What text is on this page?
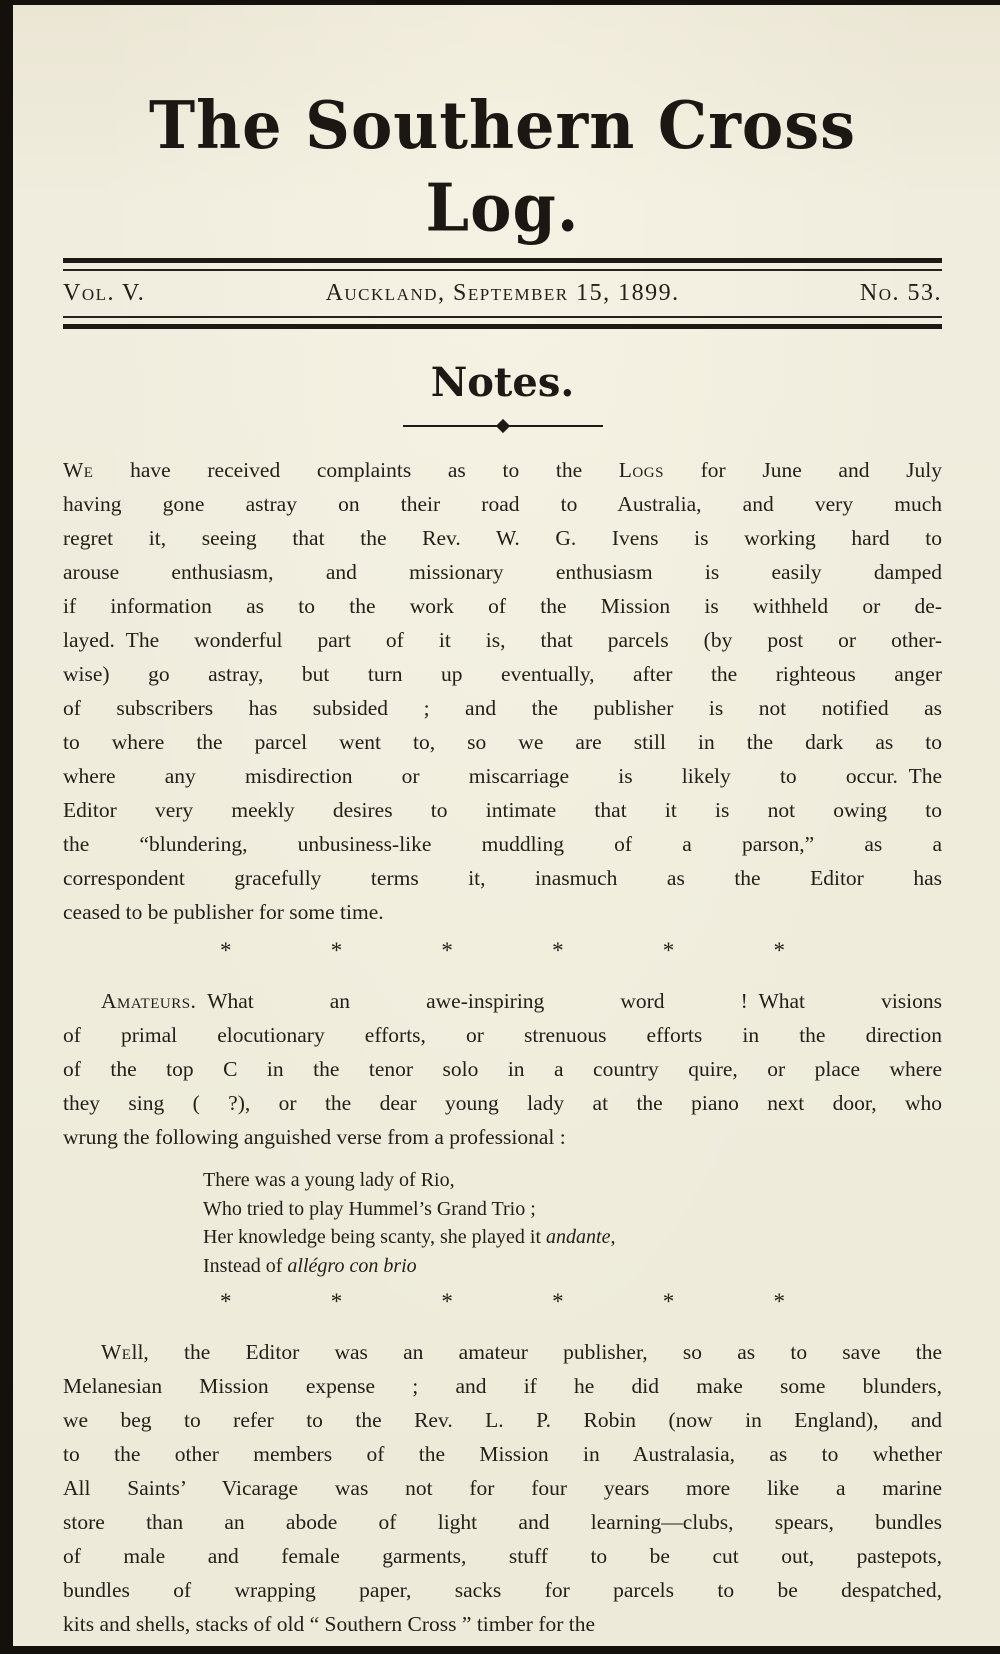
The Southern Cross Log.
Vol. V.	Auckland, September 15, 1899.	No. 53.
Notes.
We have received complaints as to the Logs for June and July
having gone astray on their road to Australia, and very much
regret it, seeing that the Rev. W. G. Ivens is working hard to
arouse enthusiasm, and missionary enthusiasm is easily damped
if information as to the work of the Mission is withheld or de-
layed. The wonderful part of it is, that parcels (by post or other-
wise) go astray, but turn up eventually, after the righteous anger
of subscribers has subsided ; and the publisher is not notified as
to where the parcel went to, so we are still in the dark as to
where any misdirection or miscarriage is likely to occur. The
Editor very meekly desires to intimate that it is not owing to
the “blundering, unbusiness-like muddling of a parson,” as a
correspondent gracefully terms it, inasmuch as the Editor has
ceased to be publisher for some time.
*	*	*	*	*	*
Amateurs. What an awe-inspiring word ! What visions
of primal elocutionary efforts, or strenuous efforts in the direction
of the top C in the tenor solo in a country quire, or place where
they sing ( ?), or the dear young lady at the piano next door, who
wrung the following anguished verse from a professional :
There was a young lady of Rio,
Who tried to play Hummel’s Grand Trio ;
Her knowledge being scanty, she played it andante,
Instead of allégro con brio
*	*	*	*	*	*
Well, the Editor was an amateur publisher, so as to save the
Melanesian Mission expense ; and if he did make some blunders,
we beg to refer to the Rev. L. P. Robin (now in England), and
to the other members of the Mission in Australasia, as to whether
All Saints’ Vicarage was not for four years more like a marine
store than an abode of light and learning—clubs, spears, bundles
of male and female garments, stuff to be cut out, pastepots,
bundles of wrapping paper, sacks for parcels to be despatched,
kits and shells, stacks of old “ Southern Cross ” timber for the
